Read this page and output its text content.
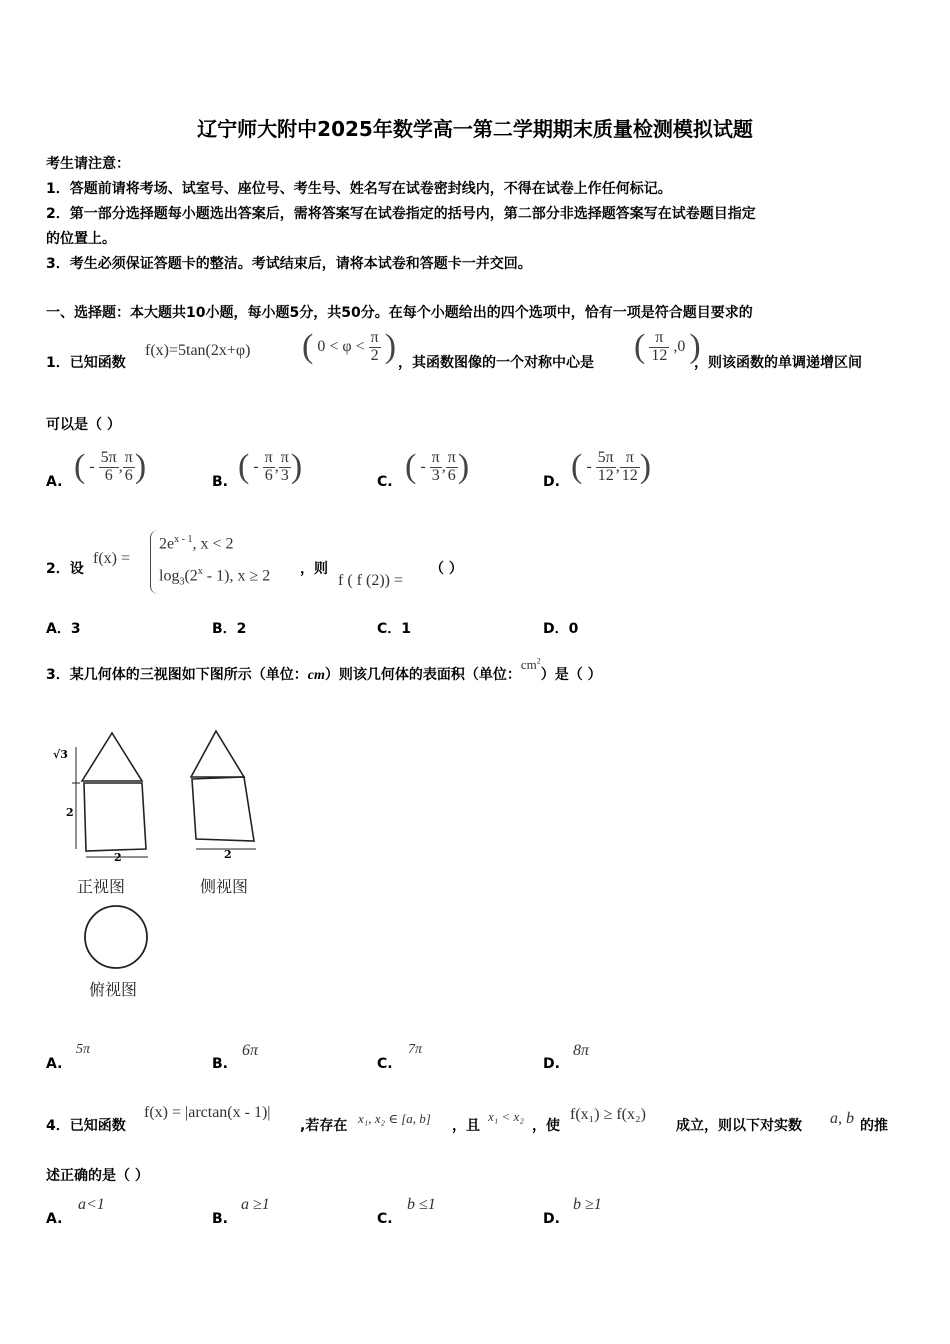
辽宁师大附中2025年数学高一第二学期期末质量检测模拟试题
考生请注意：
1．答题前请将考场、试室号、座位号、考生号、姓名写在试卷密封线内，不得在试卷上作任何标记。
2．第一部分选择题每小题选出答案后，需将答案写在试卷指定的括号内，第二部分非选择题答案写在试卷题目指定
的位置上。
3．考生必须保证答题卡的整洁。考试结束后，请将本试卷和答题卡一并交回。
一、选择题：本大题共10小题，每小题5分，共50分。在每个小题给出的四个选项中，恰有一项是符合题目要求的
1．已知函数
f(x)=5tan(2x+φ) ( $0 < \varphi < \frac{\pi}{2}$ ) ，其函数图像的一个对称中心是 ( $\frac{\pi}{12} ,0$ )
，则该函数的单调递增区间
可以是（ ）
A. ( - $\frac{5\pi}{6}$ , $\frac{\pi}{6}$ )	B. ( - $\frac{\pi}{6}$ , $\frac{\pi}{3}$ )	C. ( - $\frac{\pi}{3}$ , $\frac{\pi}{6}$ )	D. ( - $\frac{5\pi}{12}$ , $\frac{\pi}{12}$ )
2．设
f(x) =
$2e^{x - 1}$, x < 2
$\log_3(2^x - 1)$, x ≥ 2 ，则
f ( f (2)) =
（ ）
A．3	B．2	C．1	D．0
3．某几何体的三视图如下图所示（单位：cm）则该几何体的表面积（单位：$cm^2$）是（ ）
√3
2
2	2
正视图	侧视图
俯视图
A.
5π
B.
6π
C.
7π
D.
8π
4．已知函数
f(x) = |arctan(x - 1)|
,若存在 x₁, x₂ ∈ [a, b] ，且
x₁ < x₂
，使
f(x₁) ≥ f(x₂)
成立，则以下对实数 a, b 的推
述正确的是（ ）
A.
a<1
B.
a ≥1
C.
b ≤1
D.
b ≥1
